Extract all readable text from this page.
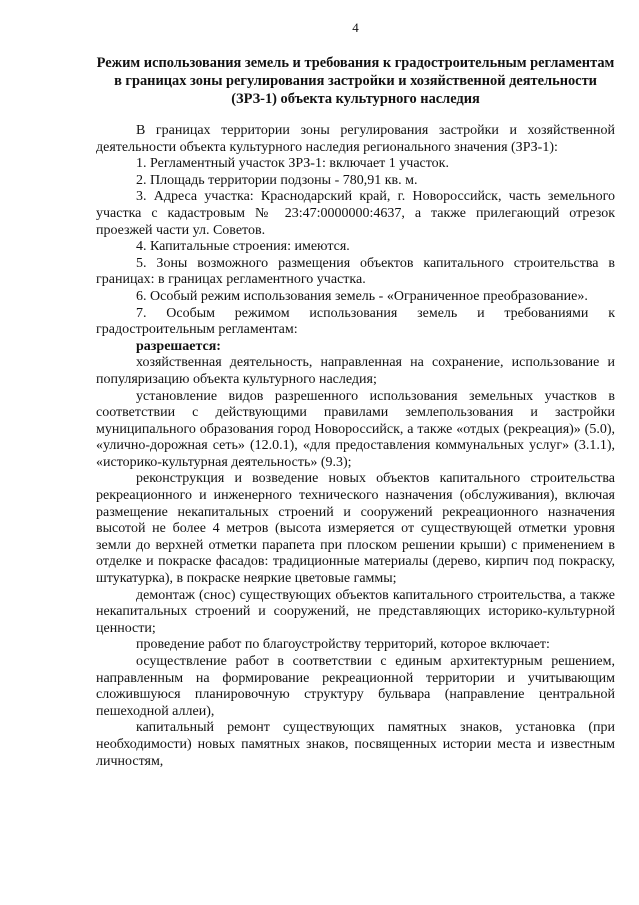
4
Режим использования земель и требования к градостроительным регламентам в границах зоны регулирования застройки и хозяйственной деятельности (ЗРЗ-1) объекта культурного наследия

В границах территории зоны регулирования застройки и хозяйственной деятельности объекта культурного наследия регионального значения (ЗРЗ-1):

1. Регламентный участок ЗРЗ-1: включает 1 участок.

2. Площадь территории подзоны - 780,91 кв. м.

3. Адреса участка: Краснодарский край, г. Новороссийск, часть земельного участка с кадастровым № 23:47:0000000:4637, а также прилегающий отрезок проезжей части ул. Советов.

4. Капитальные строения: имеются.

5. Зоны возможного размещения объектов капитального строительства в границах: в границах регламентного участка.

6. Особый режим использования земель - «Ограниченное преобразование».

7. Особым режимом использования земель и требованиями к градостроительным регламентам:

разрешается:

хозяйственная деятельность, направленная на сохранение, использование и популяризацию объекта культурного наследия;

установление видов разрешенного использования земельных участков в соответствии с действующими правилами землепользования и застройки муниципального образования город Новороссийск, а также «отдых (рекреация)» (5.0), «улично-дорожная сеть» (12.0.1), «для предоставления коммунальных услуг» (3.1.1), «историко-культурная деятельность» (9.3);

реконструкция и возведение новых объектов капитального строительства рекреационного и инженерного технического назначения (обслуживания), включая размещение некапитальных строений и сооружений рекреационного назначения высотой не более 4 метров (высота измеряется от существующей отметки уровня земли до верхней отметки парапета при плоском решении крыши) с применением в отделке и покраске фасадов: традиционные материалы (дерево, кирпич под покраску, штукатурка), в покраске неяркие цветовые гаммы;

демонтаж (снос) существующих объектов капитального строительства, а также некапитальных строений и сооружений, не представляющих историко-культурной ценности;

проведение работ по благоустройству территорий, которое включает:

осуществление работ в соответствии с единым архитектурным решением, направленным на формирование рекреационной территории и учитывающим сложившуюся планировочную структуру бульвара (направление центральной пешеходной аллеи),

капитальный ремонт существующих памятных знаков, установка (при необходимости) новых памятных знаков, посвященных истории места и известным личностям,
